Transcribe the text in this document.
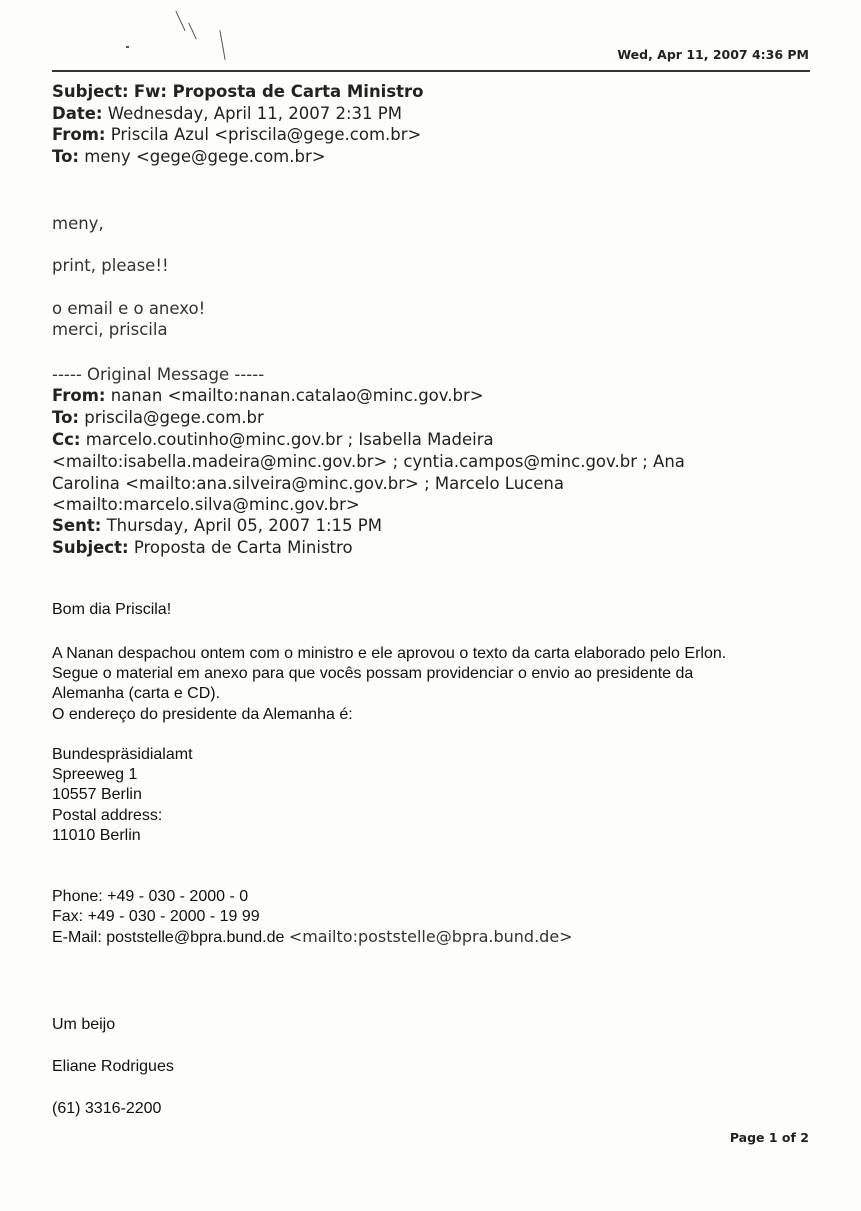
Wed, Apr 11, 2007 4:36 PM
Subject: Fw: Proposta de Carta Ministro
Date: Wednesday, April 11, 2007 2:31 PM
From: Priscila Azul <priscila@gege.com.br>
To: meny <gege@gege.com.br>
meny,
print, please!!
o email e o anexo!
merci, priscila
----- Original Message -----
From: nanan <mailto:nanan.catalao@minc.gov.br>
To: priscila@gege.com.br
Cc: marcelo.coutinho@minc.gov.br ; Isabella Madeira
<mailto:isabella.madeira@minc.gov.br> ; cyntia.campos@minc.gov.br ; Ana
Carolina <mailto:ana.silveira@minc.gov.br> ; Marcelo Lucena
<mailto:marcelo.silva@minc.gov.br>
Sent: Thursday, April 05, 2007 1:15 PM
Subject: Proposta de Carta Ministro
Bom dia Priscila!
A Nanan despachou ontem com o ministro e ele aprovou o texto da carta elaborado pelo Erlon.
Segue o material em anexo para que vocês possam providenciar o envio ao presidente da
Alemanha (carta e CD).
O endereço do presidente da Alemanha é:
Bundespräsidialamt
Spreeweg 1
10557 Berlin
Postal address:
11010 Berlin
Phone: +49 - 030 - 2000 - 0
Fax: +49 - 030 - 2000 - 19 99
E-Mail: poststelle@bpra.bund.de <mailto:poststelle@bpra.bund.de>
Um beijo
Eliane Rodrigues
(61) 3316-2200
Page 1 of 2
